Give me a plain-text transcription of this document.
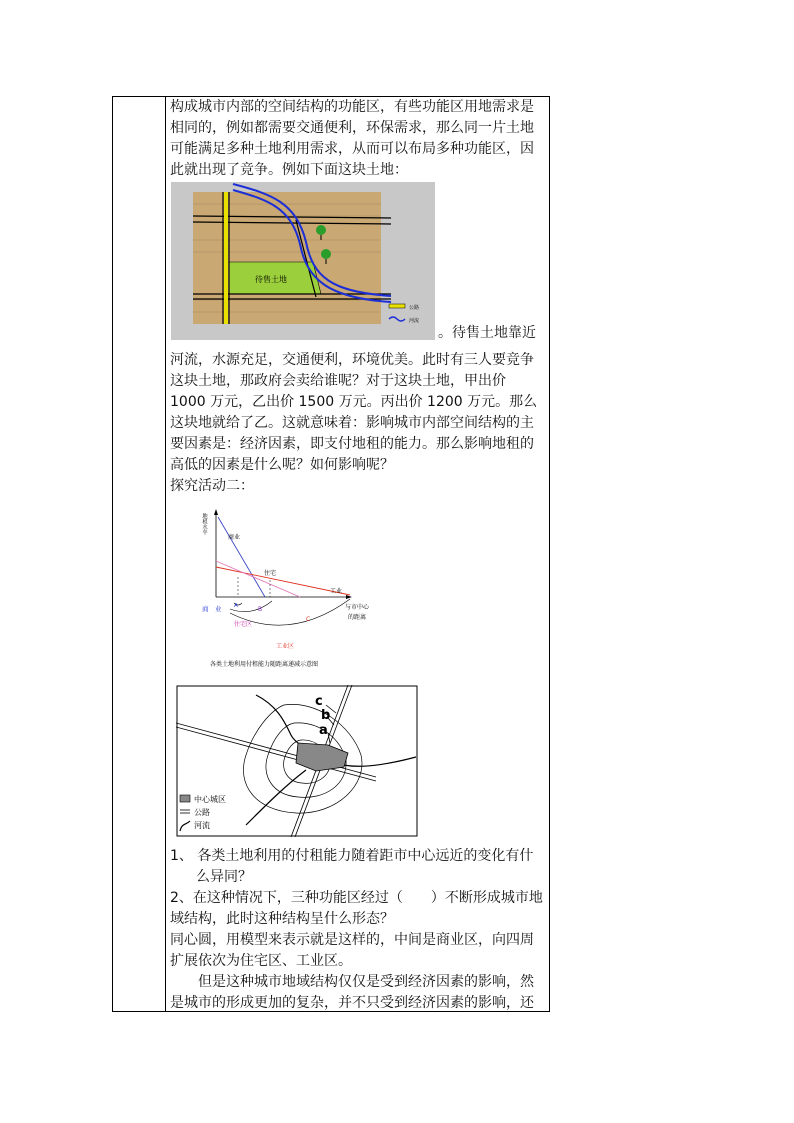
构成城市内部的空间结构的功能区，有些功能区用地需求是相同的，例如都需要交通便利，环保需求，那么同一片土地可能满足多种土地利用需求，从而可以布局多种功能区，因此就出现了竞争。例如下面这块土地：

待售土地
公路
河流
。待售土地靠近

河流，水源充足，交通便利，环境优美。此时有三人要竞争这块土地，那政府会卖给谁呢？对于这块土地，甲出价 1000 万元，乙出价 1500 万元。丙出价 1200 万元。那么这块地就给了乙。这就意味着：影响城市内部空间结构的主要因素是：经济因素，即支付地租的能力。那么影响地租的高低的因素是什么呢？如何影响呢？

探究活动二：

地租水平
商业
住宅
工业
与市中心
的距离
商　业 A	B
C
住宅区
工业区
各类土地利用付租能力随距离递减示意图
c
b
a
中心城区
公路
河流

1、 各类土地利用的付租能力随着距市中心远近的变化有什么异同？

2、在这种情况下，三种功能区经过（　　）不断形成城市地域结构，此时这种结构呈什么形态？

同心圆，用模型来表示就是这样的，中间是商业区，向四周扩展依次为住宅区、工业区。

但是这种城市地域结构仅仅是受到经济因素的影响，然是城市的形成更加的复杂，并不只受到经济因素的影响，还
